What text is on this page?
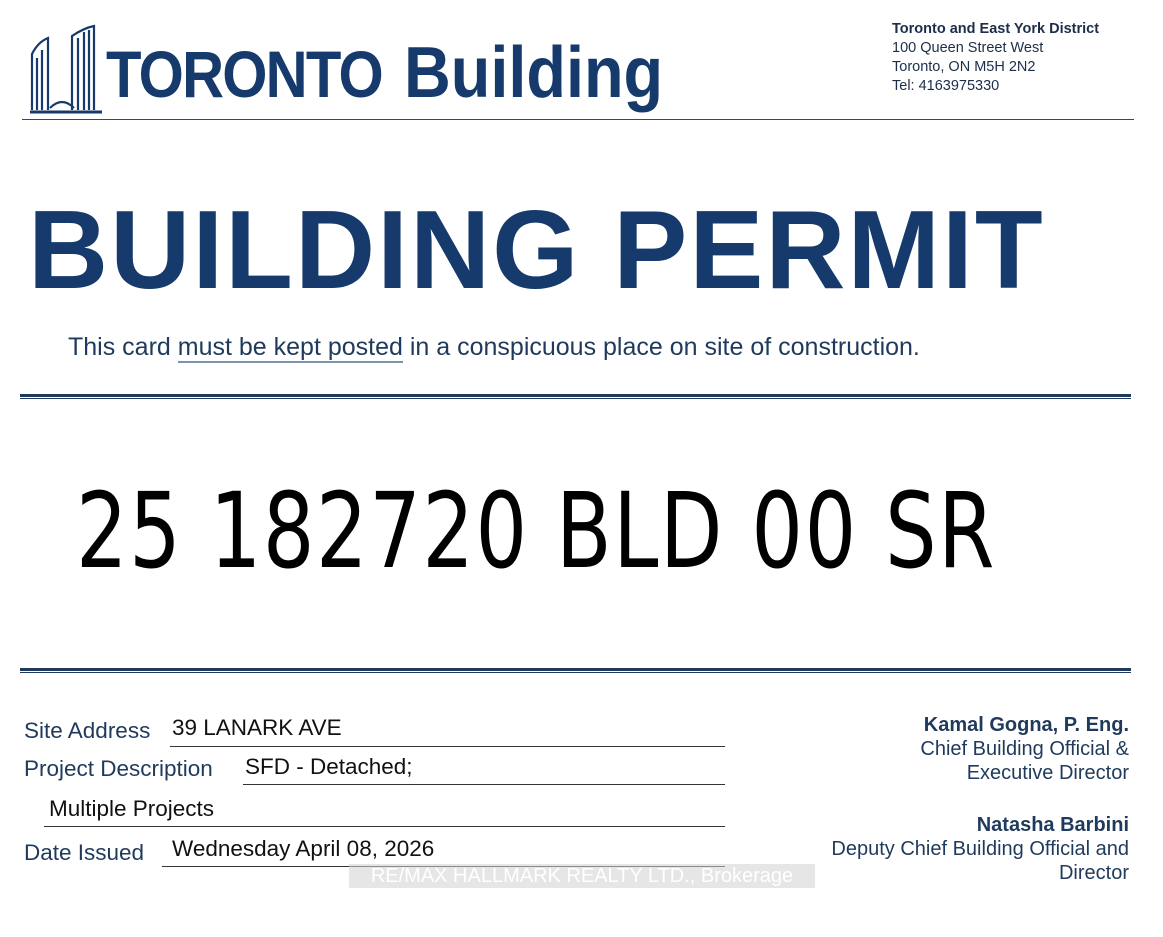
TORONTO Building
Toronto and East York District
100 Queen Street West
Toronto, ON M5H 2N2
Tel: 4163975330
BUILDING PERMIT
This card must be kept posted in a conspicuous place on site of construction.
25 182720 BLD 00 SR
Site Address 39 LANARK AVE
Project Description SFD - Detached;
Multiple Projects
Date Issued Wednesday April 08, 2026
Kamal Gogna, P. Eng.
Chief Building Official &
Executive Director
Natasha Barbini
Deputy Chief Building Official and
Director
RE/MAX HALLMARK REALTY LTD., Brokerage
